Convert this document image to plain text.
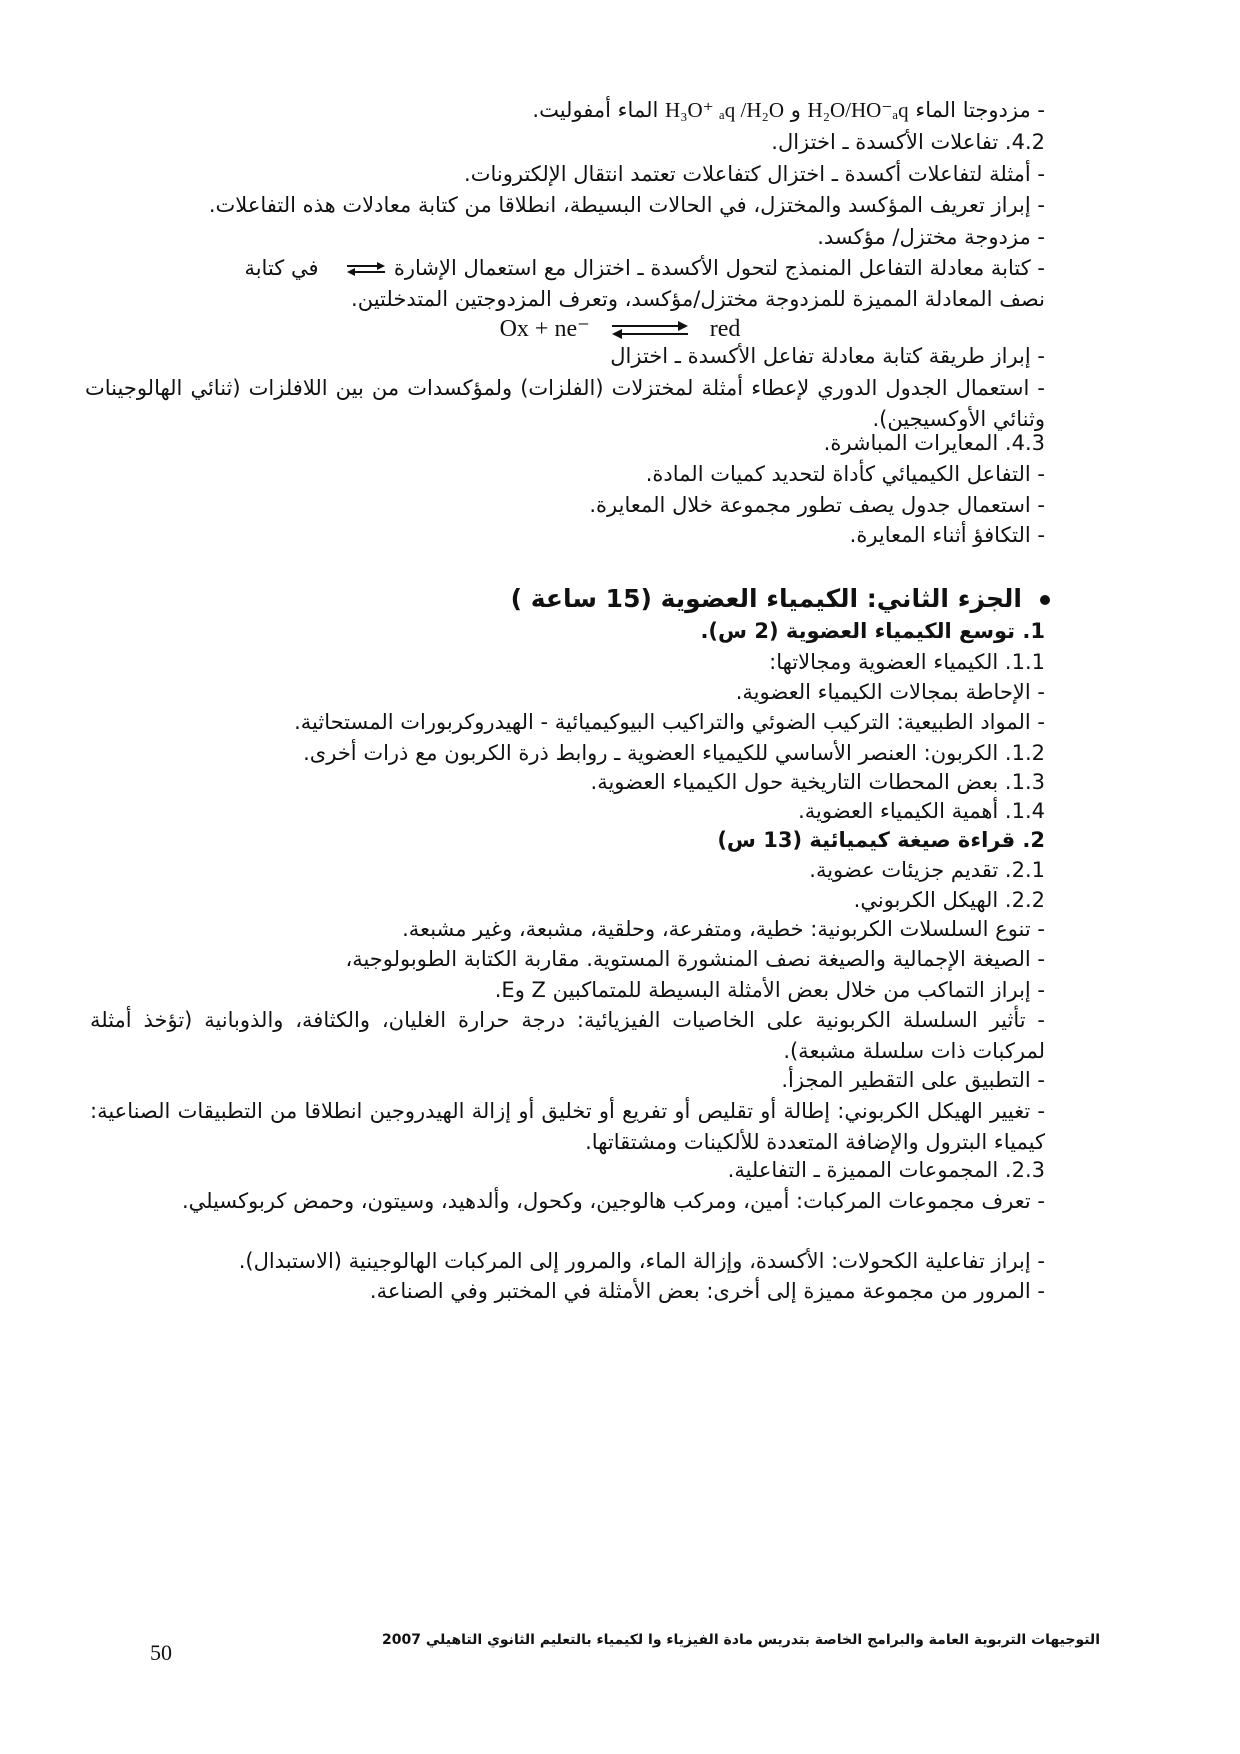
- مزدوجتا الماء H₂O/HO⁻ₐq و H₃O⁺ ₐq /H₂O الماء أمفوليت.
4.2. تفاعلات الأكسدة ـ اختزال.
- أمثلة لتفاعلات أكسدة ـ اختزال كتفاعلات تعتمد انتقال الإلكترونات.
- إبراز تعريف المؤكسد والمختزل، في الحالات البسيطة، انطلاقا من كتابة معادلات هذه التفاعلات.
- مزدوجة مختزل/ مؤكسد.
- كتابة معادلة التفاعل المنمذج لتحول الأكسدة ـ اختزال مع استعمال الإشارة  في كتابة
نصف المعادلة المميزة للمزدوجة مختزل/مؤكسد، وتعرف المزدوجتين المتدخلتين.
Ox + ne⁻ ⇌ red
- إبراز طريقة كتابة معادلة تفاعل الأكسدة ـ اختزال
- استعمال الجدول الدوري لإعطاء أمثلة لمختزلات (الفلزات) ولمؤكسدات من بين اللافلزات (ثنائي الهالوجينات وثنائي الأوكسيجين).
4.3. المعايرات المباشرة.
- التفاعل الكيميائي كأداة لتحديد كميات المادة.
- استعمال جدول يصف تطور مجموعة خلال المعايرة.
- التكافؤ أثناء المعايرة.
الجزء الثاني: الكيمياء العضوية (15 ساعة )
1. توسع الكيمياء العضوية (2 س).
1.1. الكيمياء العضوية ومجالاتها:
- الإحاطة بمجالات الكيمياء العضوية.
- المواد الطبيعية: التركيب الضوئي والتراكيب البيوكيميائية - الهيدروكربورات المستحاثية.
1.2. الكربون: العنصر الأساسي للكيمياء العضوية ـ روابط ذرة الكربون مع ذرات أخرى.
1.3. بعض المحطات التاريخية حول الكيمياء العضوية.
1.4. أهمية الكيمياء العضوية.
2. قراءة صيغة كيميائية (13 س)
2.1. تقديم جزيئات عضوية.
2.2. الهيكل الكربوني.
- تنوع السلسلات الكربونية: خطية، ومتفرعة، وحلقية، مشبعة، وغير مشبعة.
- الصيغة الإجمالية والصيغة نصف المنشورة المستوية. مقاربة الكتابة الطوبولوجية،
- إبراز التماكب من خلال بعض الأمثلة البسيطة للمتماكبين Z وE.
- تأثير السلسلة الكربونية على الخاصيات الفيزيائية: درجة حرارة الغليان، والكثافة، والذوبانية (تؤخذ أمثلة لمركبات ذات سلسلة مشبعة).
- التطبيق على التقطير المجزأ.
- تغيير الهيكل الكربوني: إطالة أو تقليص أو تفريع أو تخليق أو إزالة الهيدروجين انطلاقا من التطبيقات الصناعية: كيمياء البترول والإضافة المتعددة للألكينات ومشتقاتها.
2.3. المجموعات المميزة ـ التفاعلية.
- تعرف مجموعات المركبات: أمين، ومركب هالوجين، وكحول، وألدهيد، وسيتون، وحمض كربوكسيلي.
- إبراز تفاعلية الكحولات: الأكسدة، وإزالة الماء، والمرور إلى المركبات الهالوجينية (الاستبدال).
- المرور من مجموعة مميزة إلى أخرى: بعض الأمثلة في المختبر وفي الصناعة.
50	التوجيهات التربوية العامة والبرامج الخاصة بتدريس مادة الفيزياء وا لكيمياء بالتعليم الثانوي التاهيلي 2007
